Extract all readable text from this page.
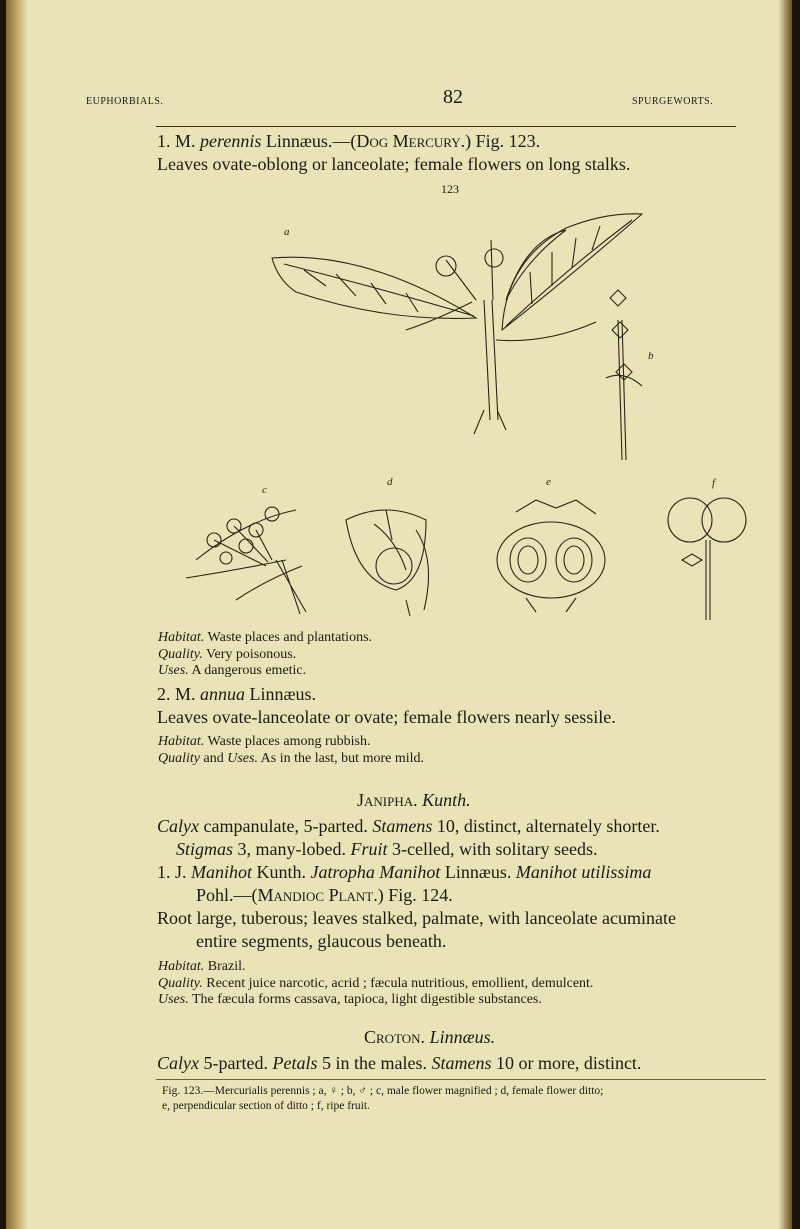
EUPHORBIALS.	82	SPURGEWORTS.
1. M. perennis Linnæus.—(Dog Mercury.) Fig. 123.
Leaves ovate-oblong or lanceolate; female flowers on long stalks.
123
a
b
c
d	e	f
Habitat. Waste places and plantations.
Quality. Very poisonous.
Uses. A dangerous emetic.
2. M. annua Linnæus.
Leaves ovate-lanceolate or ovate; female flowers nearly sessile.
Habitat. Waste places among rubbish.
Quality and Uses. As in the last, but more mild.
Janipha. Kunth.
Calyx campanulate, 5-parted. Stamens 10, distinct, alternately shorter.
Stigmas 3, many-lobed. Fruit 3-celled, with solitary seeds.
1. J. Manihot Kunth. Jatropha Manihot Linnæus. Manihot utilissima
Pohl.—(Mandioc Plant.) Fig. 124.
Root large, tuberous; leaves stalked, palmate, with lanceolate acuminate
entire segments, glaucous beneath.
Habitat. Brazil.
Quality. Recent juice narcotic, acrid ; fæcula nutritious, emollient, demulcent.
Uses. The fæcula forms cassava, tapioca, light digestible substances.
Croton. Linnæus.
Calyx 5-parted. Petals 5 in the males. Stamens 10 or more, distinct.
Fig. 123.—Mercurialis perennis ; a, ♀ ; b, ♂ ; c, male flower magnified ; d, female flower ditto;
e, perpendicular section of ditto ; f, ripe fruit.
